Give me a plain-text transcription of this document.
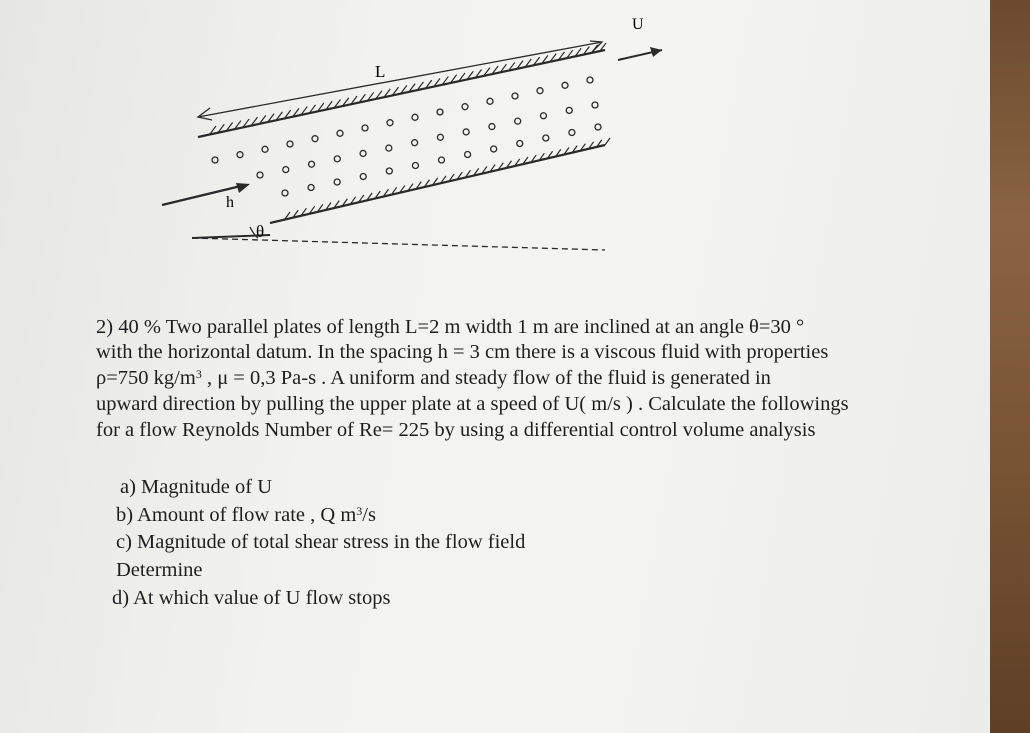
U
L
h
θ
2) 40 % Two parallel plates of length L=2 m width 1 m are inclined at an angle θ=30 °
with the horizontal datum. In the spacing h = 3 cm there is a viscous fluid with properties
ρ=750 $kg/m^3$ , μ = 0,3 Pa-s . A uniform and steady flow of the fluid is generated in
upward direction by pulling the upper plate at a speed of U( m/s ) . Calculate the followings
for a flow Reynolds Number of Re= 225 by using a differential control volume analysis
a) Magnitude of U
b) Amount of flow rate , Q $m^3/s$
c) Magnitude of total shear stress in the flow field
Determine
d) At which value of U flow stops
